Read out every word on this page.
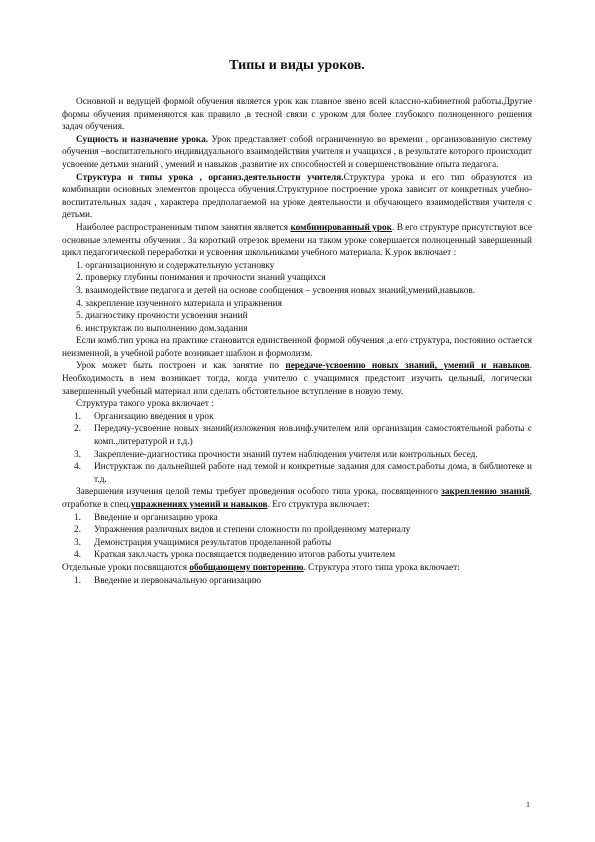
Типы и виды уроков.

Основной и ведущей формой обучения является урок как главное звено всей классно-кабинетной работы.Другие формы обучения применяются как правило ,в тесной связи с уроком для более глубокого полноценного решения задач обучения.

Сущность и назначение урока. Урок представляет собой ограниченную во времени , организованную систему обучения –воспитательного индивидуального взаимодействия учителя и учащихся , в результате которого происходит усвоение детьми знаний , умений и навыков ,развитие их способностей и совершенствование опыта педагога.

Структура и типы урока , организ.деятельности учителя.Структура урока и его тип образуются из комбинации основных элементов процесса обучения.Структурное построение урока зависит от конкретных учебно-воспитательных задач , характера предполагаемой на уроке деятельности и обучающего взаимодействия учителя с детьми.

Наиболее распространенным типом занятия является комбинированный урок. В его структуре присутствуют все основные элементы обучения . За короткий отрезок времени на таком уроке совершается полноценный завершенный цикл педагогической переработки и усвоения школьниками учебного материала. К.урок включает :

1. организационную и содержательную установку
2. проверку глубины понимания и прочности знаний учащихся
3. взаимодействие педагога и детей на основе сообщения – усвоения новых знаний,умений,навыков.
4. закрепление изученного материала и упражнения
5. диагностику прочности усвоения знаний
6. инструктаж по выполнению дом.задания

Если комб.тип урока на практике становится единственной формой обучения ,а его структура, постоянно остается неизменной, в учебной работе возникает шаблон и формолизм.

Урок может быть построен и как занятие по передаче-усвоению новых знаний, умений и навыков. Необходимость в нем возникает тогда, когда учителю с учащимися предстоит изучить цельный, логически завершенный учебный материал или сделать обстоятельное вступление в новую тему.

Структура такого урока включает :

1.	Организацию введения в урок
2.	Передачу-усвоение новых знаний(изложения нов.инф.учителем или организация самостоятельной работы с комп.,литературой и т.д.)
3.	Закрепление-диагностика прочности знаний путем наблюдения учителя или контрольных бесед.
4.	Инструктаж по дальнейшей работе над темой и конкретные задания для самост.работы дома, в библиотеке и т.д.

Завершения изучения целой темы требует проведения особого типа урока, посвященного закреплению знаний, отработке в спец.упражнениях умений и навыков. Его структура включает:

1.	Введение и организацию урока
2.	Упражнения различных видов и степени сложности по пройденному материалу
3.	Демонстрация учащимися результатов проделанной работы
4.	Краткая закл.часть урока посвящается подведению итогов работы учителем

Отдельные уроки посвящаются обобщающему повторению. Структура этого типа урока включает:

1.	Введение и первоначальную организацию
1
